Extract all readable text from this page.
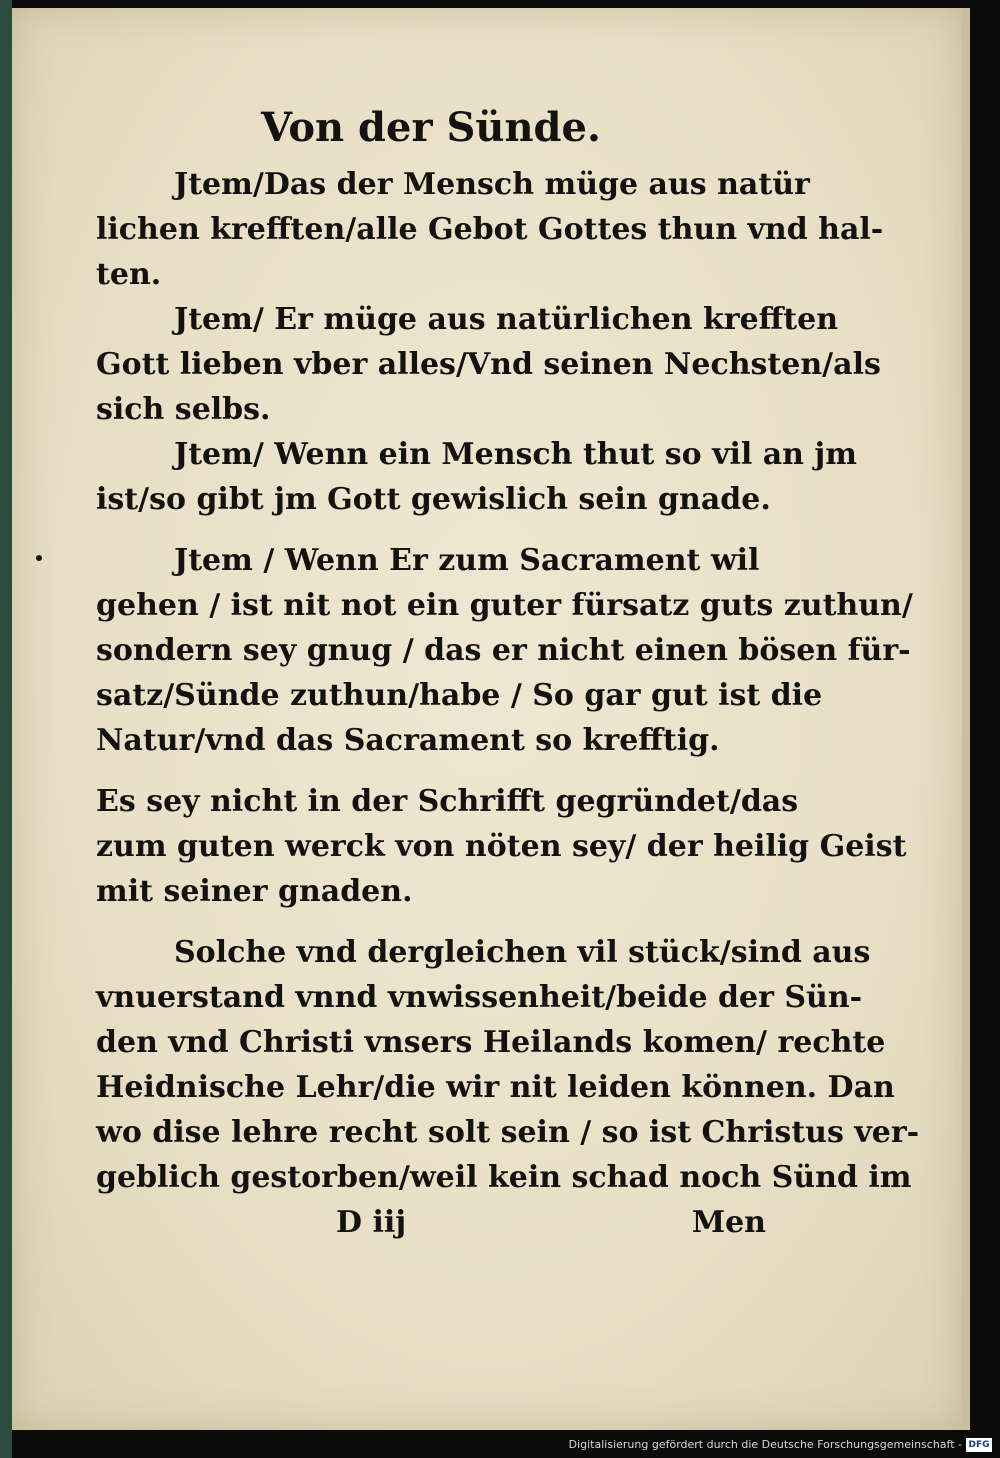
Von der Sünde.

Jtem/Das der Mensch müge aus natür

lichen krefften/alle Gebot Gottes thun vnd hal-

ten.

Jtem/ Er müge aus natürlichen krefften

Gott lieben vber alles/Vnd seinen Nechsten/als

sich selbs.

Jtem/ Wenn ein Mensch thut so vil an jm

ist/so gibt jm Gott gewislich sein gnade.

Jtem / Wenn Er zum Sacrament wil

gehen / ist nit not ein guter fürsatz guts zuthun/

sondern sey gnug / das er nicht einen bösen für-

satz/Sünde zuthun/habe / So gar gut ist die

Natur/vnd das Sacrament so krefftig.

Es sey nicht in der Schrifft gegründet/das

zum guten werck von nöten sey/ der heilig Geist

mit seiner gnaden.

Solche vnd dergleichen vil stück/sind aus

vnuerstand vnnd vnwissenheit/beide der Sün-

den vnd Christi vnsers Heilands komen/ rechte

Heidnische Lehr/die wir nit leiden können. Dan

wo dise lehre recht solt sein / so ist Christus ver-

geblich gestorben/weil kein schad noch Sünd im

D iij	Men
Digitalisierung gefördert durch die Deutsche Forschungsgemeinschaft - DFG
